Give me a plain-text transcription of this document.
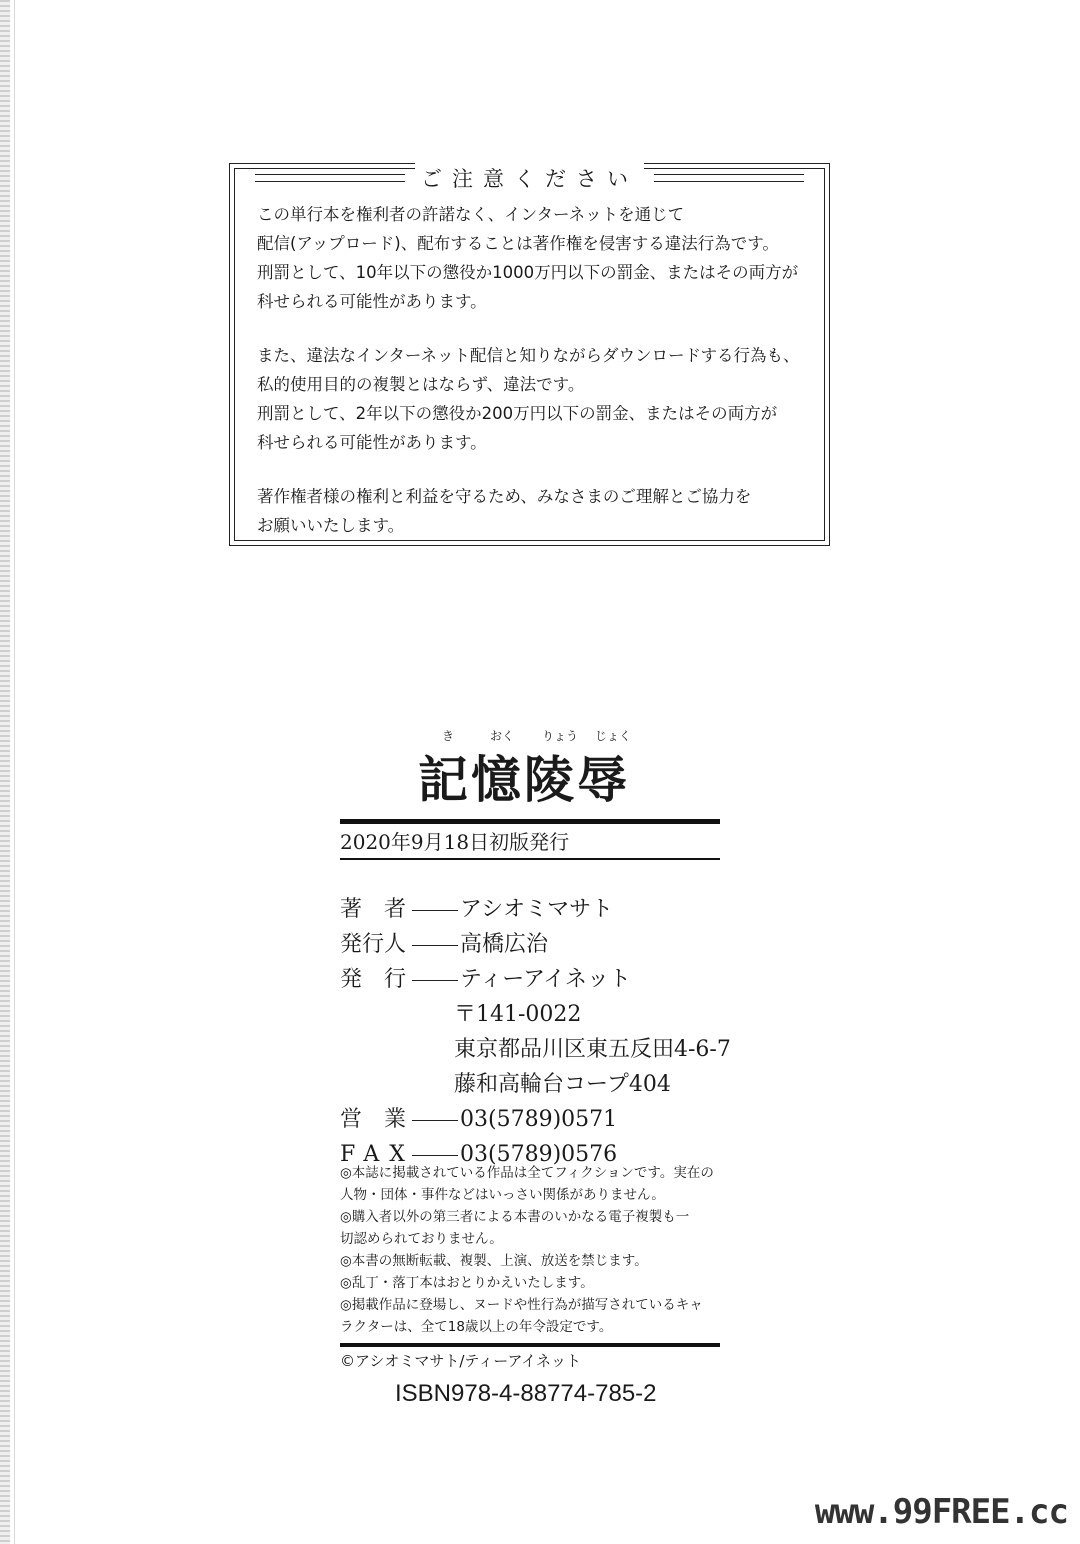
ご注意ください

この単行本を権利者の許諾なく、インターネットを通じて
配信(アップロード)、配布することは著作権を侵害する違法行為です。
刑罰として、10年以下の懲役か1000万円以下の罰金、またはその両方が
科せられる可能性があります。

また、違法なインターネット配信と知りながらダウンロードする行為も、
私的使用目的の複製とはならず、違法です。
刑罰として、2年以下の懲役か200万円以下の罰金、またはその両方が
科せられる可能性があります。

著作権者様の権利と利益を守るため、みなさまのご理解とご協力を
お願いいたします。

き	おく りょう じょく
記憶陵辱
2020年9月18日初版発行
著者 アシオミマサト
発行人 高橋広治
発行 ティーアイネット
〒141-0022
東京都品川区東五反田4-6-7
藤和高輪台コープ404
営業 03(5789)0571
FAX 03(5789)0576
◎本誌に掲載されている作品は全てフィクションです。実在の
人物・団体・事件などはいっさい関係がありません。
◎購入者以外の第三者による本書のいかなる電子複製も一
切認められておりません。
◎本書の無断転載、複製、上演、放送を禁じます。
◎乱丁・落丁本はおとりかえいたします。
◎掲載作品に登場し、ヌードや性行為が描写されているキャ
ラクターは、全て18歳以上の年令設定です。
©アシオミマサト/ティーアイネット
ISBN978-4-88774-785-2
www.99FREE.cc
